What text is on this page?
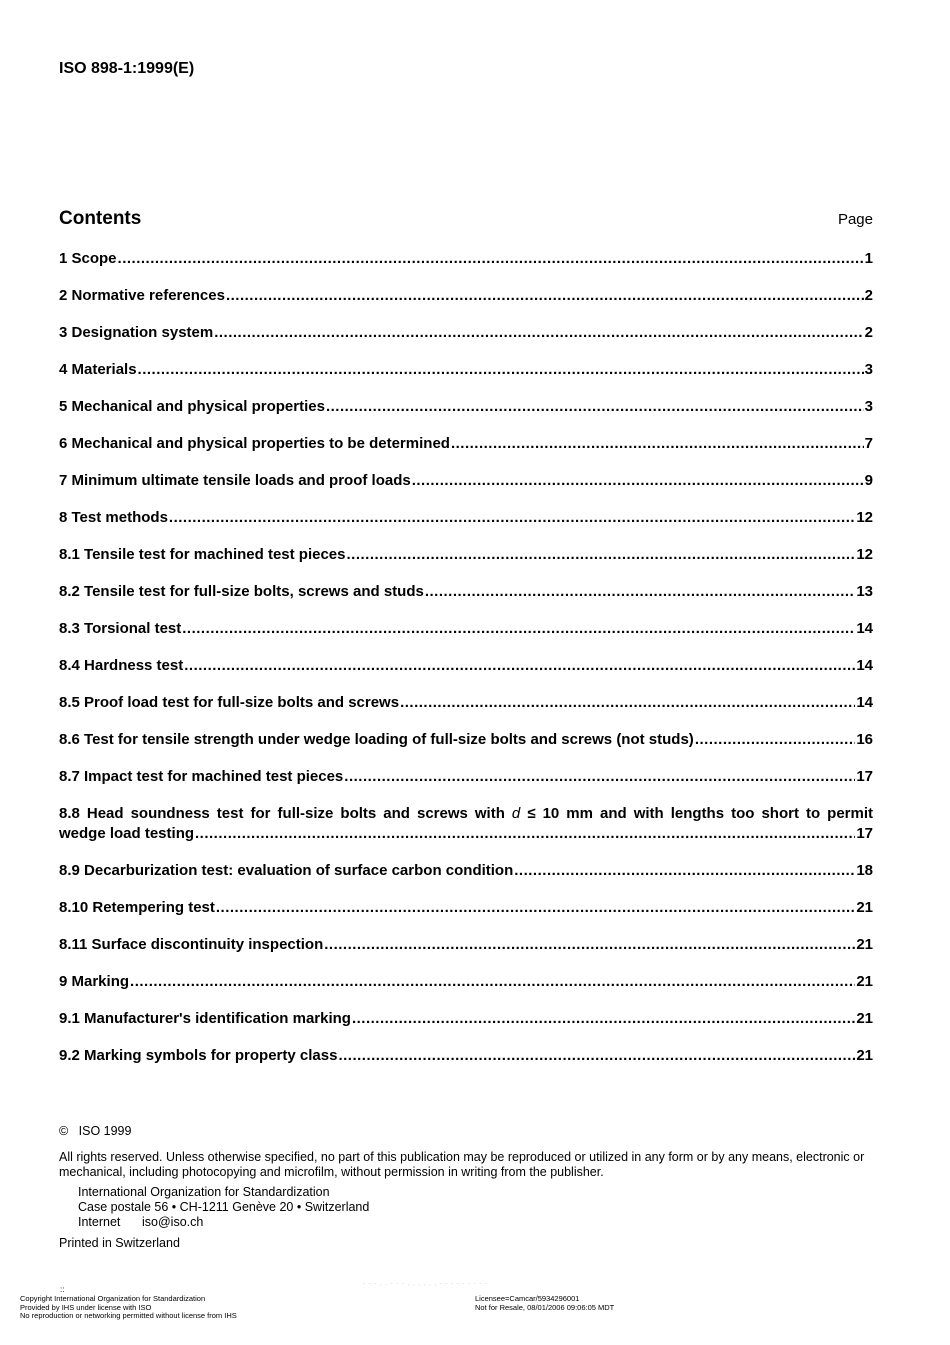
ISO 898-1:1999(E)
Contents	Page
1 Scope .....	1
2 Normative references .....	2
3 Designation system .....	2
4 Materials .....	3
5 Mechanical and physical properties .....	3
6 Mechanical and physical properties to be determined .....	7
7 Minimum ultimate tensile loads and proof loads .....	9
8 Test methods .....	12
8.1 Tensile test for machined test pieces .....	12
8.2 Tensile test for full-size bolts, screws and studs .....	13
8.3 Torsional test .....	14
8.4 Hardness test .....	14
8.5 Proof load test for full-size bolts and screws .....	14
8.6 Test for tensile strength under wedge loading of full-size bolts and screws (not studs) .....	16
8.7 Impact test for machined test pieces .....	17
8.8 Head soundness test for full-size bolts and screws with d ≤ 10 mm and with lengths too short to permit
wedge load testing .....	17
8.9 Decarburization test: evaluation of surface carbon condition .....	18
8.10 Retempering test .....	21
8.11 Surface discontinuity inspection .....	21
9 Marking .....	21
9.1 Manufacturer's identification marking .....	21
9.2 Marking symbols for property class .....	21
© ISO 1999
All rights reserved. Unless otherwise specified, no part of this publication may be reproduced or utilized in any form or by any means, electronic or mechanical, including photocopying and microfilm, without permission in writing from the publisher.
International Organization for Standardization
Case postale 56 • CH-1211 Genève 20 • Switzerland
Internet iso@iso.ch
Printed in Switzerland
- - - , , - - - , , , , , , - - - - - - - - -
::
Copyright International Organization for Standardization
Provided by IHS under license with ISO
No reproduction or networking permitted without license from IHS
Licensee=Camcar/5934296001
Not for Resale, 08/01/2006 09:06:05 MDT
